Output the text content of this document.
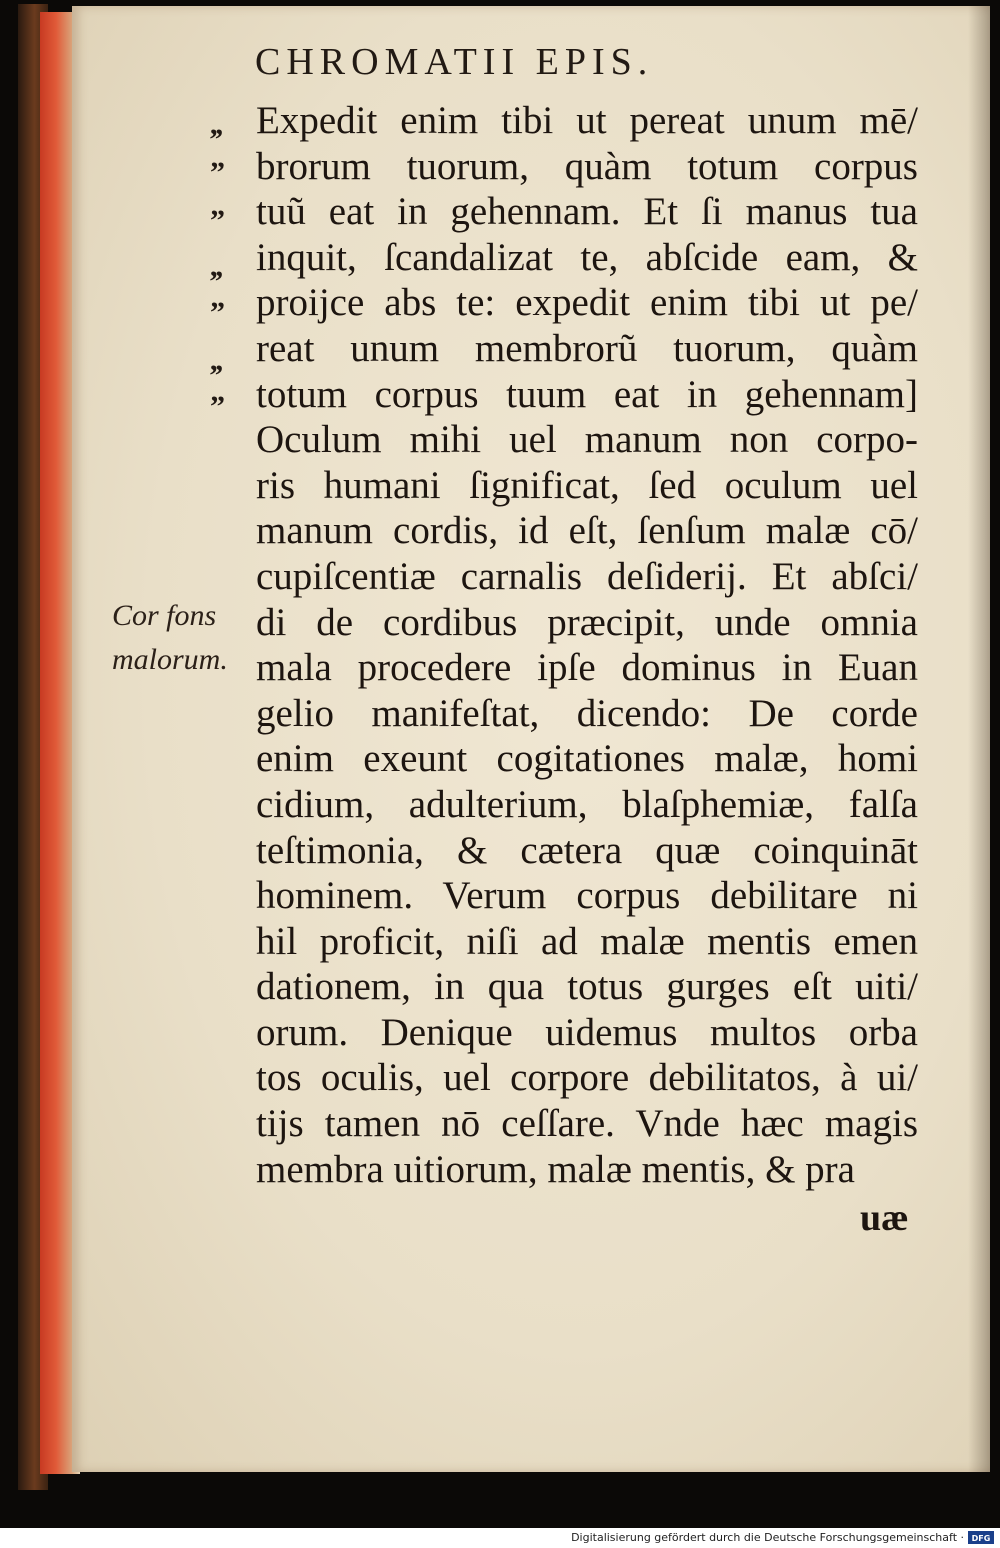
CHROMATII EPIS.
,,
”
”
,,
”
,,
”
Cor fons
malorum.
Expedit enim tibi ut pereat unum mē/
brorum tuorum, quàm totum corpus
tuũ eat in gehennam. Et ſi manus tua
inquit, ſcandalizat te, abſcide eam, &
proijce abs te: expedit enim tibi ut pe/
reat unum membrorũ tuorum, quàm
totum corpus tuum eat in gehennam]
Oculum mihi uel manum non corpo-
ris humani ſignificat, ſed oculum uel
manum cordis, id eſt, ſenſum malæ cō/
cupiſcentiæ carnalis deſiderij. Et abſci/
di de cordibus præcipit, unde omnia
mala procedere ipſe dominus in Euan
gelio manifeſtat, dicendo: De corde
enim exeunt cogitationes malæ, homi
cidium, adulterium, blaſphemiæ, falſa
teſtimonia, & cætera quæ coinquināt
hominem. Verum corpus debilitare ni
hil proficit, niſi ad malæ mentis emen
dationem, in qua totus gurges eſt uiti/
orum. Denique uidemus multos orba
tos oculis, uel corpore debilitatos, à ui/
tijs tamen nō ceſſare. Vnde hæc magis
membra uitiorum, malæ mentis, & pra
uæ
Digitalisierung gefördert durch die Deutsche Forschungsgemeinschaft · DFG
